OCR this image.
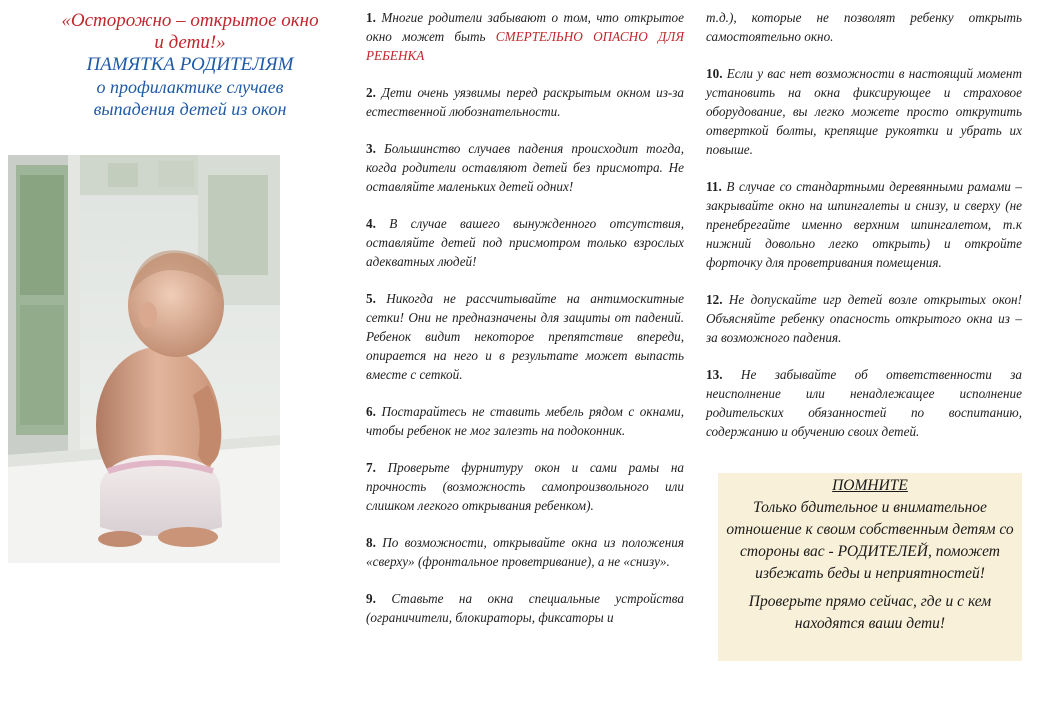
«Осторожно – открытое окно

и дети!»

ПАМЯТКА РОДИТЕЛЯМ

о профилактике случаев

выпадения детей из окон

1. Многие родители забывают о том, что открытое окно может быть СМЕРТЕЛЬНО ОПАСНО ДЛЯ РЕБЕНКА

2. Дети очень уязвимы перед раскрытым окном из-за естественной любознательности.

3. Большинство случаев падения происходит тогда, когда родители оставляют детей без присмотра. Не оставляйте маленьких детей одних!

4. В случае вашего вынужденного отсутствия, оставляйте детей под присмотром только взрослых адекватных людей!

5. Никогда не рассчитывайте на антимоскитные сетки! Они не предназначены для защиты от падений. Ребенок видит некоторое препятствие впереди, опирается на него и в результате может выпасть вместе с сеткой.

6. Постарайтесь не ставить мебель рядом с окнами, чтобы ребенок не мог залезть на подоконник.

7. Проверьте фурнитуру окон и сами рамы на прочность (возможность самопроизвольного или слишком легкого открывания ребенком).

8. По возможности, открывайте окна из положения «сверху» (фронтальное проветривание), а не «снизу».

9. Ставьте на окна специальные устройства (ограничители, блокираторы, фиксаторы и

т.д.), которые не позволят ребенку открыть самостоятельно окно.

10. Если у вас нет возможности в настоящий момент установить на окна фиксирующее и страховое оборудование, вы легко можете просто открутить отверткой болты, крепящие рукоятки и убрать их повыше.

11. В случае со стандартными деревянными рамами – закрывайте окно на шпингалеты и снизу, и сверху (не пренебрегайте именно верхним шпингалетом, т.к нижний довольно легко открыть) и откройте форточку для проветривания помещения.

12. Не допускайте игр детей возле открытых окон! Объясняйте ребенку опасность открытого окна из – за возможного падения.

13. Не забывайте об ответственности за неисполнение или ненадлежащее исполнение родительских обязанностей по воспитанию, содержанию и обучению своих детей.

ПОМНИТЕ

Только бдительное и внимательное отношение к своим собственным детям со стороны вас - РОДИТЕЛЕЙ, поможет избежать беды и неприятностей!

Проверьте прямо сейчас, где и с кем находятся ваши дети!
